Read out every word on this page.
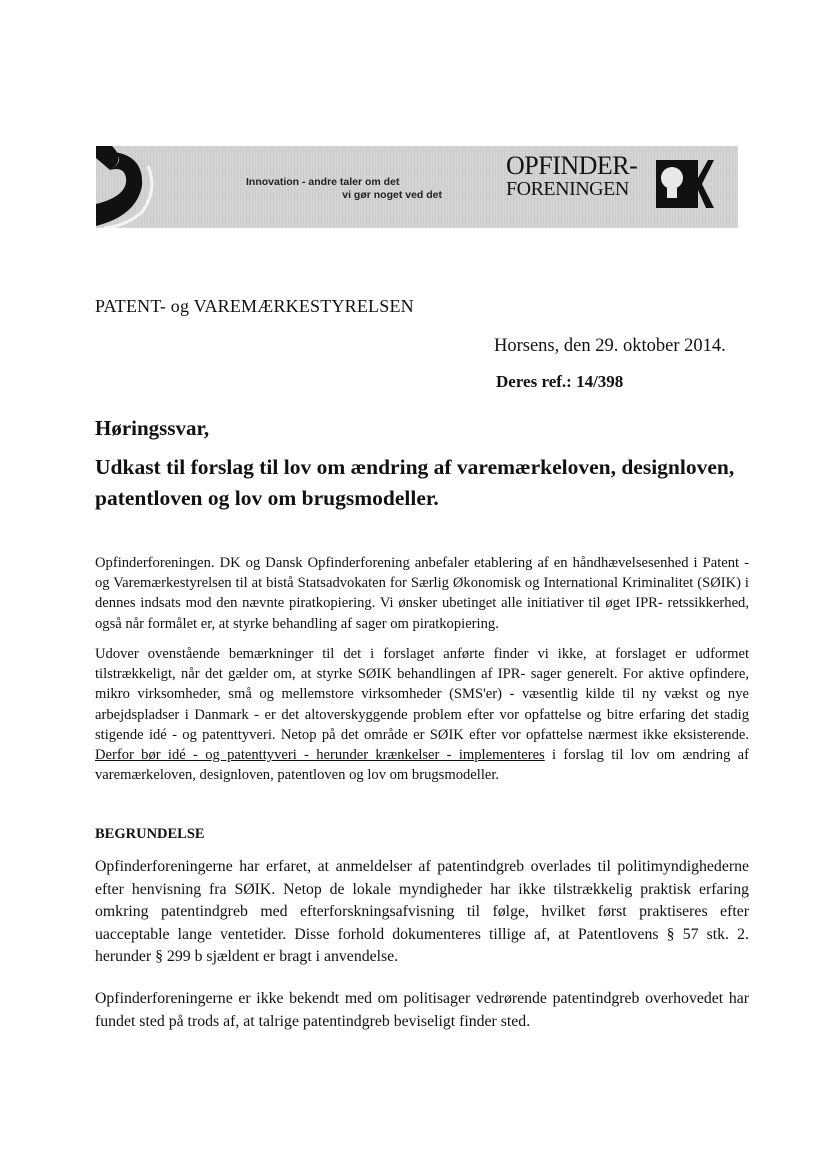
Innovation - andre taler om det
vi gør noget ved det
OPFINDER-
FORENINGEN
PATENT- og VAREMÆRKESTYRELSEN
Horsens, den 29. oktober 2014.
Deres ref.: 14/398
Høringssvar,
Udkast til forslag til lov om ændring af varemærkeloven, designloven, patentloven og lov om brugsmodeller.
Opfinderforeningen. DK og Dansk Opfinderforening anbefaler etablering af en håndhævelsesenhed i Patent - og Varemærkestyrelsen til at bistå Statsadvokaten for Særlig Økonomisk og International Kriminalitet (SØIK) i dennes indsats mod den nævnte piratkopiering. Vi ønsker ubetinget alle initiativer til øget IPR- retssikkerhed, også når formålet er, at styrke behandling af sager om piratkopiering.
Udover ovenstående bemærkninger til det i forslaget anførte finder vi ikke, at forslaget er udformet tilstrækkeligt, når det gælder om, at styrke SØIK behandlingen af IPR- sager generelt. For aktive opfindere, mikro virksomheder, små og mellemstore virksomheder (SMS'er) - væsentlig kilde til ny vækst og nye arbejdspladser i Danmark - er det altoverskyggende problem efter vor opfattelse og bitre erfaring det stadig stigende idé - og patenttyveri. Netop på det område er SØIK efter vor opfattelse nærmest ikke eksisterende. Derfor bør idé - og patenttyveri - herunder krænkelser - implementeres i forslag til lov om ændring af varemærkeloven, designloven, patentloven og lov om brugsmodeller.
BEGRUNDELSE
Opfinderforeningerne har erfaret, at anmeldelser af patentindgreb overlades til politimyndighederne efter henvisning fra SØIK. Netop de lokale myndigheder har ikke tilstrækkelig praktisk erfaring omkring patentindgreb med efterforskningsafvisning til følge, hvilket først praktiseres efter uacceptable lange ventetider. Disse forhold dokumenteres tillige af, at Patentlovens § 57 stk. 2. herunder § 299 b sjældent er bragt i anvendelse.
Opfinderforeningerne er ikke bekendt med om politisager vedrørende patentindgreb overhovedet har fundet sted på trods af, at talrige patentindgreb beviseligt finder sted.
